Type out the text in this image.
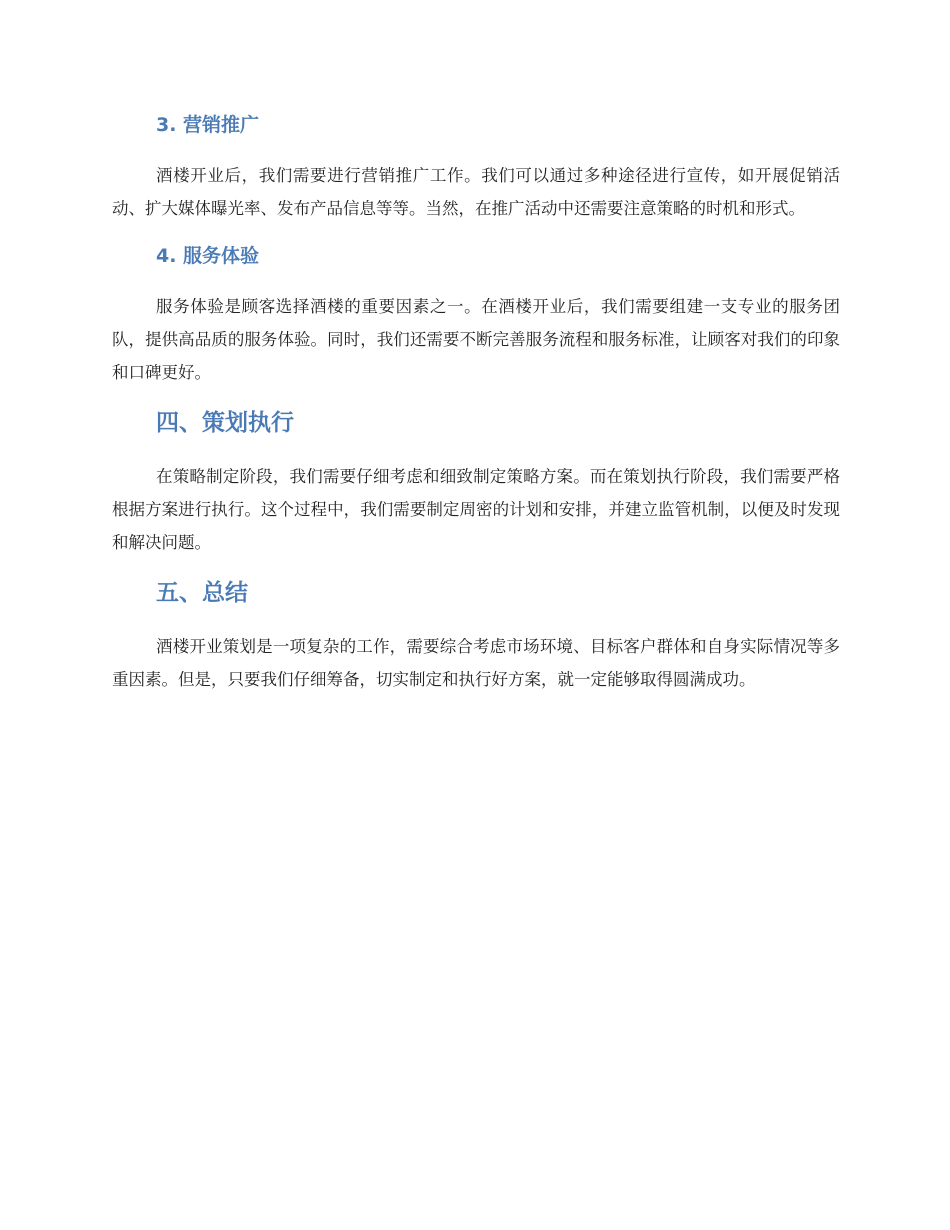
3. 营销推广

酒楼开业后，我们需要进行营销推广工作。我们可以通过多种途径进行宣传，如开展促销活动、扩大媒体曝光率、发布产品信息等等。当然，在推广活动中还需要注意策略的时机和形式。

4. 服务体验

服务体验是顾客选择酒楼的重要因素之一。在酒楼开业后，我们需要组建一支专业的服务团队，提供高品质的服务体验。同时，我们还需要不断完善服务流程和服务标准，让顾客对我们的印象和口碑更好。

四、策划执行

在策略制定阶段，我们需要仔细考虑和细致制定策略方案。而在策划执行阶段，我们需要严格根据方案进行执行。这个过程中，我们需要制定周密的计划和安排，并建立监管机制，以便及时发现和解决问题。

五、总结

酒楼开业策划是一项复杂的工作，需要综合考虑市场环境、目标客户群体和自身实际情况等多重因素。但是，只要我们仔细筹备，切实制定和执行好方案，就一定能够取得圆满成功。
